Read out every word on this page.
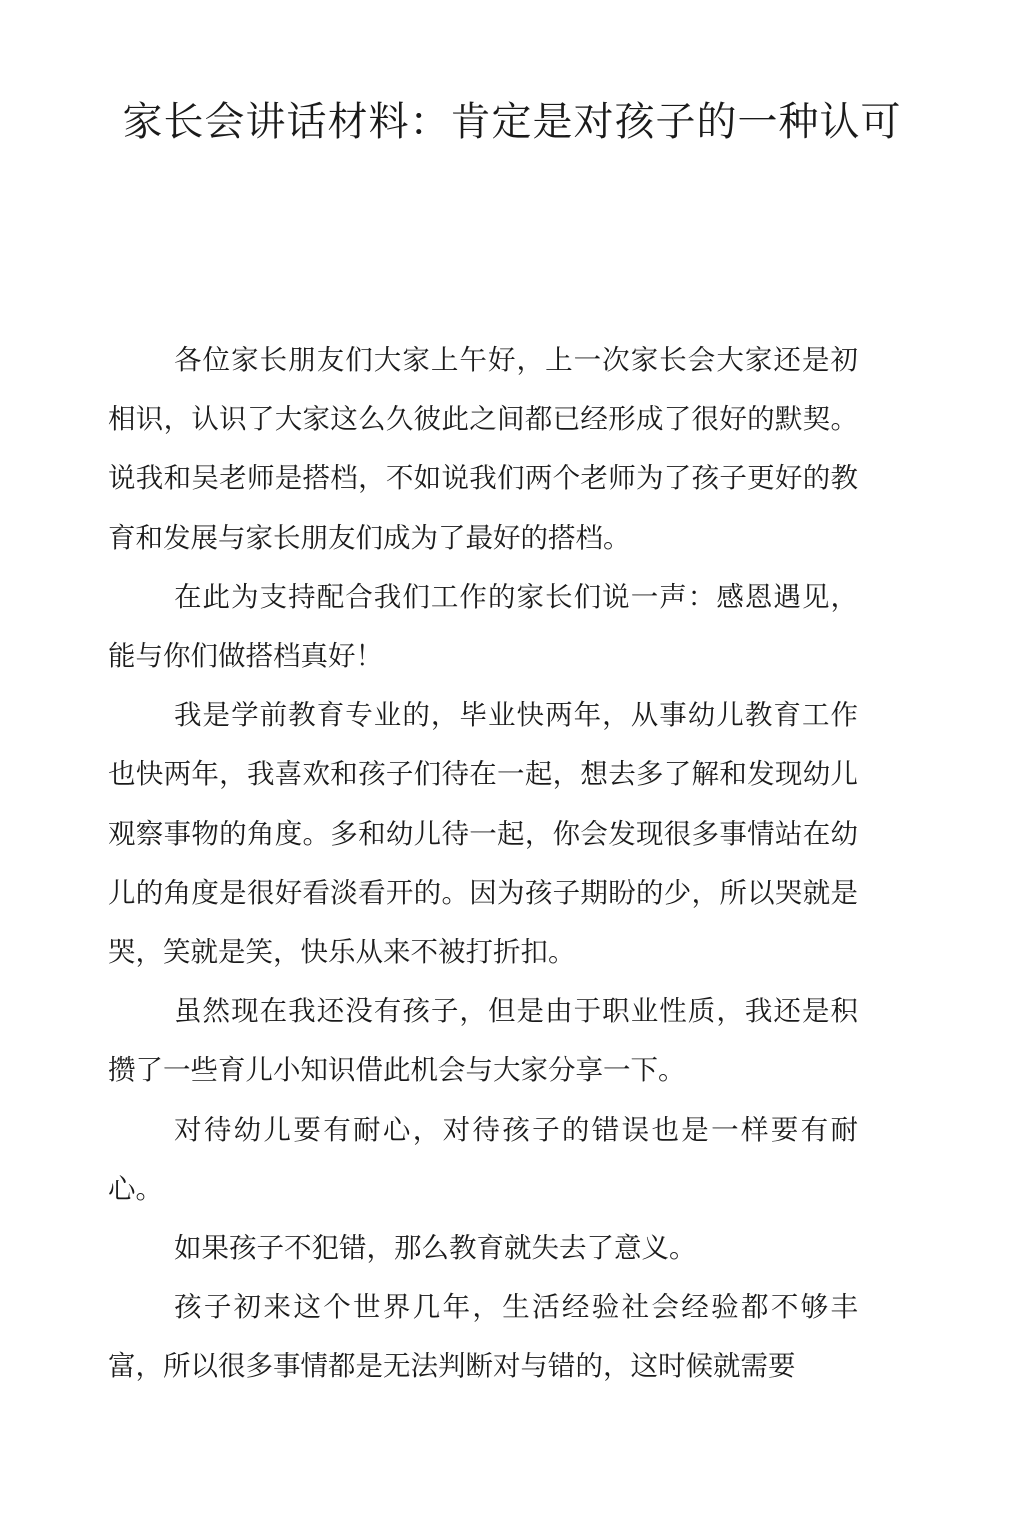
家长会讲话材料：肯定是对孩子的一种认可

各位家长朋友们大家上午好，上一次家长会大家还是初相识，认识了大家这么久彼此之间都已经形成了很好的默契。说我和吴老师是搭档，不如说我们两个老师为了孩子更好的教育和发展与家长朋友们成为了最好的搭档。

在此为支持配合我们工作的家长们说一声：感恩遇见，能与你们做搭档真好！

我是学前教育专业的，毕业快两年，从事幼儿教育工作也快两年，我喜欢和孩子们待在一起，想去多了解和发现幼儿观察事物的角度。多和幼儿待一起，你会发现很多事情站在幼儿的角度是很好看淡看开的。因为孩子期盼的少，所以哭就是哭，笑就是笑，快乐从来不被打折扣。

虽然现在我还没有孩子，但是由于职业性质，我还是积攒了一些育儿小知识借此机会与大家分享一下。

对待幼儿要有耐心，对待孩子的错误也是一样要有耐心。

如果孩子不犯错，那么教育就失去了意义。

孩子初来这个世界几年，生活经验社会经验都不够丰富，所以很多事情都是无法判断对与错的，这时候就需要
